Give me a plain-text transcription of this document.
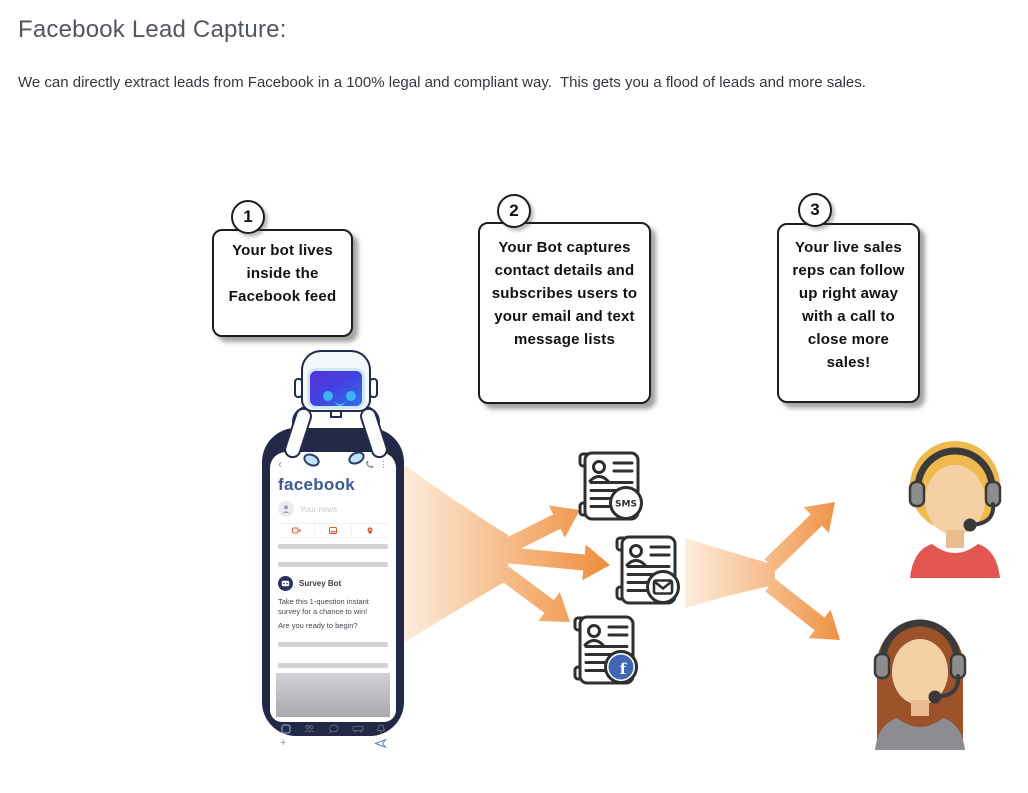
Facebook Lead Capture:
We can directly extract leads from Facebook in a 100% legal and compliant way.  This gets you a flood of leads and more sales.
Your bot lives inside the Facebook feed
Your Bot captures contact details and subscribes users to your email and text message lists
Your live sales reps can follow up right away with a call to close more sales!
1	2	3
‹	⋮
facebook
Your news
Survey Bot
Take this 1-question instant survey for a chance to win!
Are you ready to begin?
+
SMS
f
